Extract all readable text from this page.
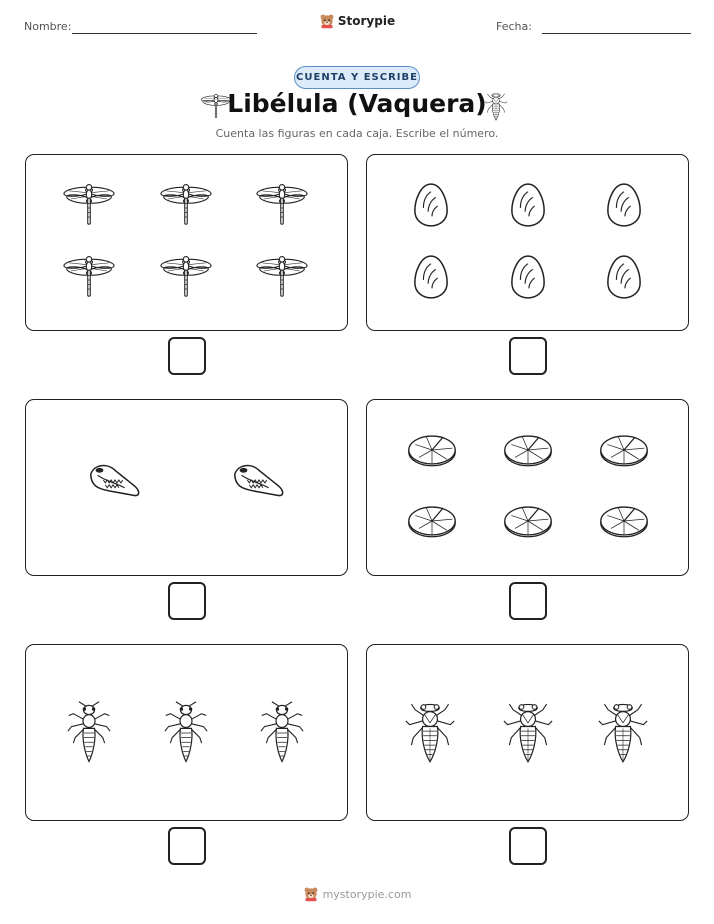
Nombre:	Storypie	Fecha:
CUENTA Y ESCRIBE
Libélula (Vaquera)
Cuenta las figuras en cada caja. Escribe el número.
mystorypie.com
